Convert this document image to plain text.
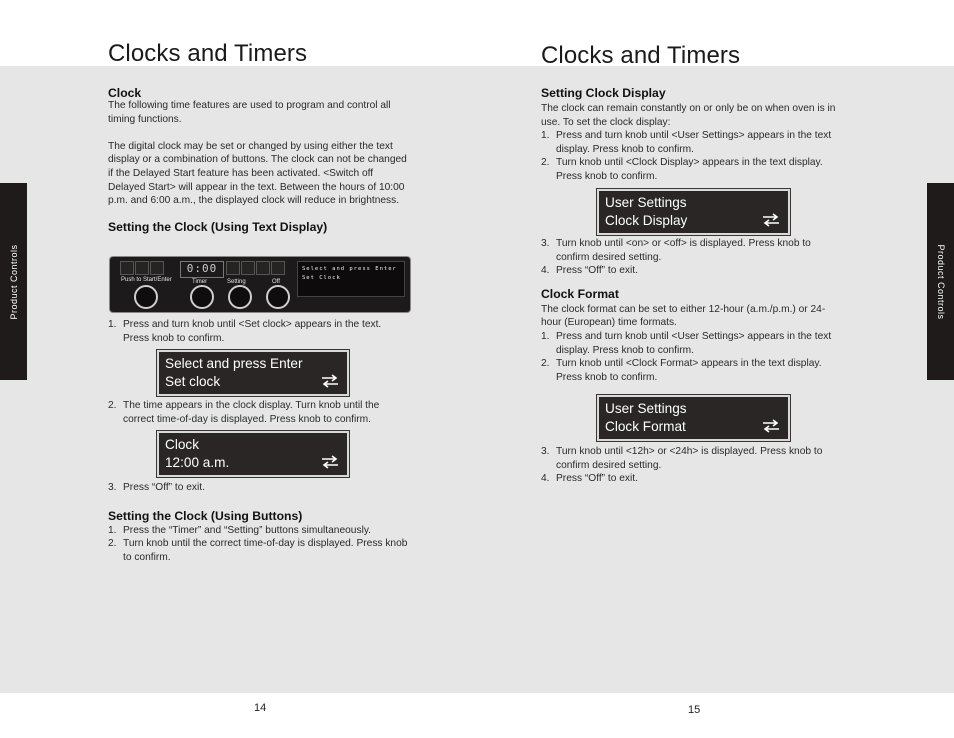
Clocks and Timers
Product Controls
Clock

The following time features are used to program and control all timing functions.

The digital clock may be set or changed by using either the text display or a combination of buttons. The clock can not be changed if the Delayed Start feature has been activated. <Switch off Delayed Start> will appear in the text. Between the hours of 10:00 p.m. and 6:00 a.m., the displayed clock will reduce in brightness.

Setting the Clock (Using Text Display)
0:00
Push to Start/Enter	Timer	Setting	Off
Select and press Enter
Set Clock
1. Press and turn knob until <Set clock> appears in the text. Press knob to confirm.
Select and press Enter
Set clock
2. The time appears in the clock display. Turn knob until the correct time-of-day is displayed. Press knob to confirm.
Clock
12:00 a.m.
3. Press “Off” to exit.
Setting the Clock (Using Buttons)
1. Press the “Timer” and “Setting” buttons simultaneously.
2. Turn knob until the correct time-of-day is displayed. Press knob to confirm.
14
Clocks and Timers
Product Controls
Setting Clock Display

The clock can remain constantly on or only be on when oven is in use. To set the clock display:

1. Press and turn knob until <User Settings> appears in the text display. Press knob to confirm.
2. Turn knob until <Clock Display> appears in the text display. Press knob to confirm.
User Settings
Clock Display
3. Turn knob until <on> or <off> is displayed. Press knob to confirm desired setting.
4. Press “Off” to exit.
Clock Format

The clock format can be set to either 12-hour (a.m./p.m.) or 24-hour (European) time formats.

1. Press and turn knob until <User Settings> appears in the text display. Press knob to confirm.
2. Turn knob until <Clock Format> appears in the text display. Press knob to confirm.
User Settings
Clock Format
3. Turn knob until <12h> or <24h> is displayed. Press knob to confirm desired setting.
4. Press “Off” to exit.
15
